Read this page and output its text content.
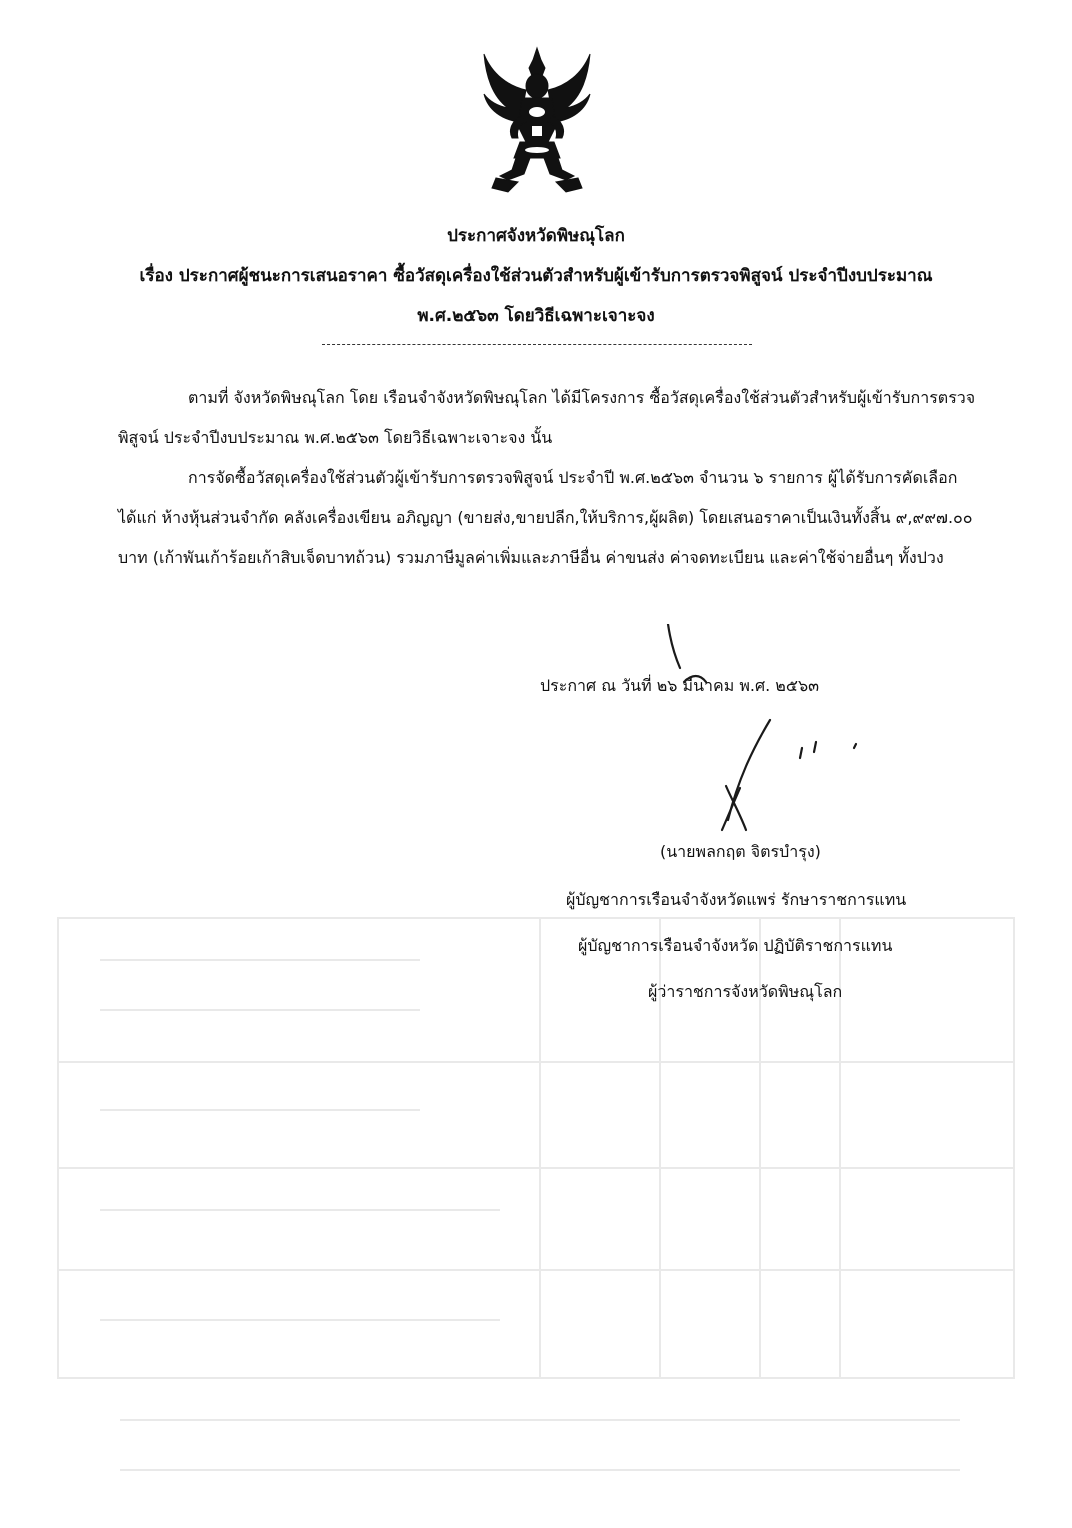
ประกาศจังหวัดพิษณุโลก
เรื่อง ประกาศผู้ชนะการเสนอราคา ซื้อวัสดุเครื่องใช้ส่วนตัวสำหรับผู้เข้ารับการตรวจพิสูจน์ ประจำปีงบประมาณ
พ.ศ.๒๕๖๓ โดยวิธีเฉพาะเจาะจง

ตามที่ จังหวัดพิษณุโลก โดย เรือนจำจังหวัดพิษณุโลก ได้มีโครงการ ซื้อวัสดุเครื่องใช้ส่วนตัวสำหรับผู้เข้ารับการตรวจพิสูจน์ ประจำปีงบประมาณ พ.ศ.๒๕๖๓ โดยวิธีเฉพาะเจาะจง นั้น

การจัดซื้อวัสดุเครื่องใช้ส่วนตัวผู้เข้ารับการตรวจพิสูจน์ ประจำปี พ.ศ.๒๕๖๓ จำนวน ๖ รายการ ผู้ได้รับการคัดเลือก ได้แก่ ห้างหุ้นส่วนจำกัด คลังเครื่องเขียน อภิญญา (ขายส่ง,ขายปลีก,ให้บริการ,ผู้ผลิต) โดยเสนอราคาเป็นเงินทั้งสิ้น ๙,๙๙๗.๐๐ บาท (เก้าพันเก้าร้อยเก้าสิบเจ็ดบาทถ้วน) รวมภาษีมูลค่าเพิ่มและภาษีอื่น ค่าขนส่ง ค่าจดทะเบียน และค่าใช้จ่ายอื่นๆ ทั้งปวง

ประกาศ ณ วันที่ ๒๖ มีนาคม พ.ศ. ๒๕๖๓
(นายพลกฤต จิตรบำรุง)
ผู้บัญชาการเรือนจำจังหวัดแพร่ รักษาราชการแทน
ผู้บัญชาการเรือนจำจังหวัด ปฏิบัติราชการแทน
ผู้ว่าราชการจังหวัดพิษณุโลก
